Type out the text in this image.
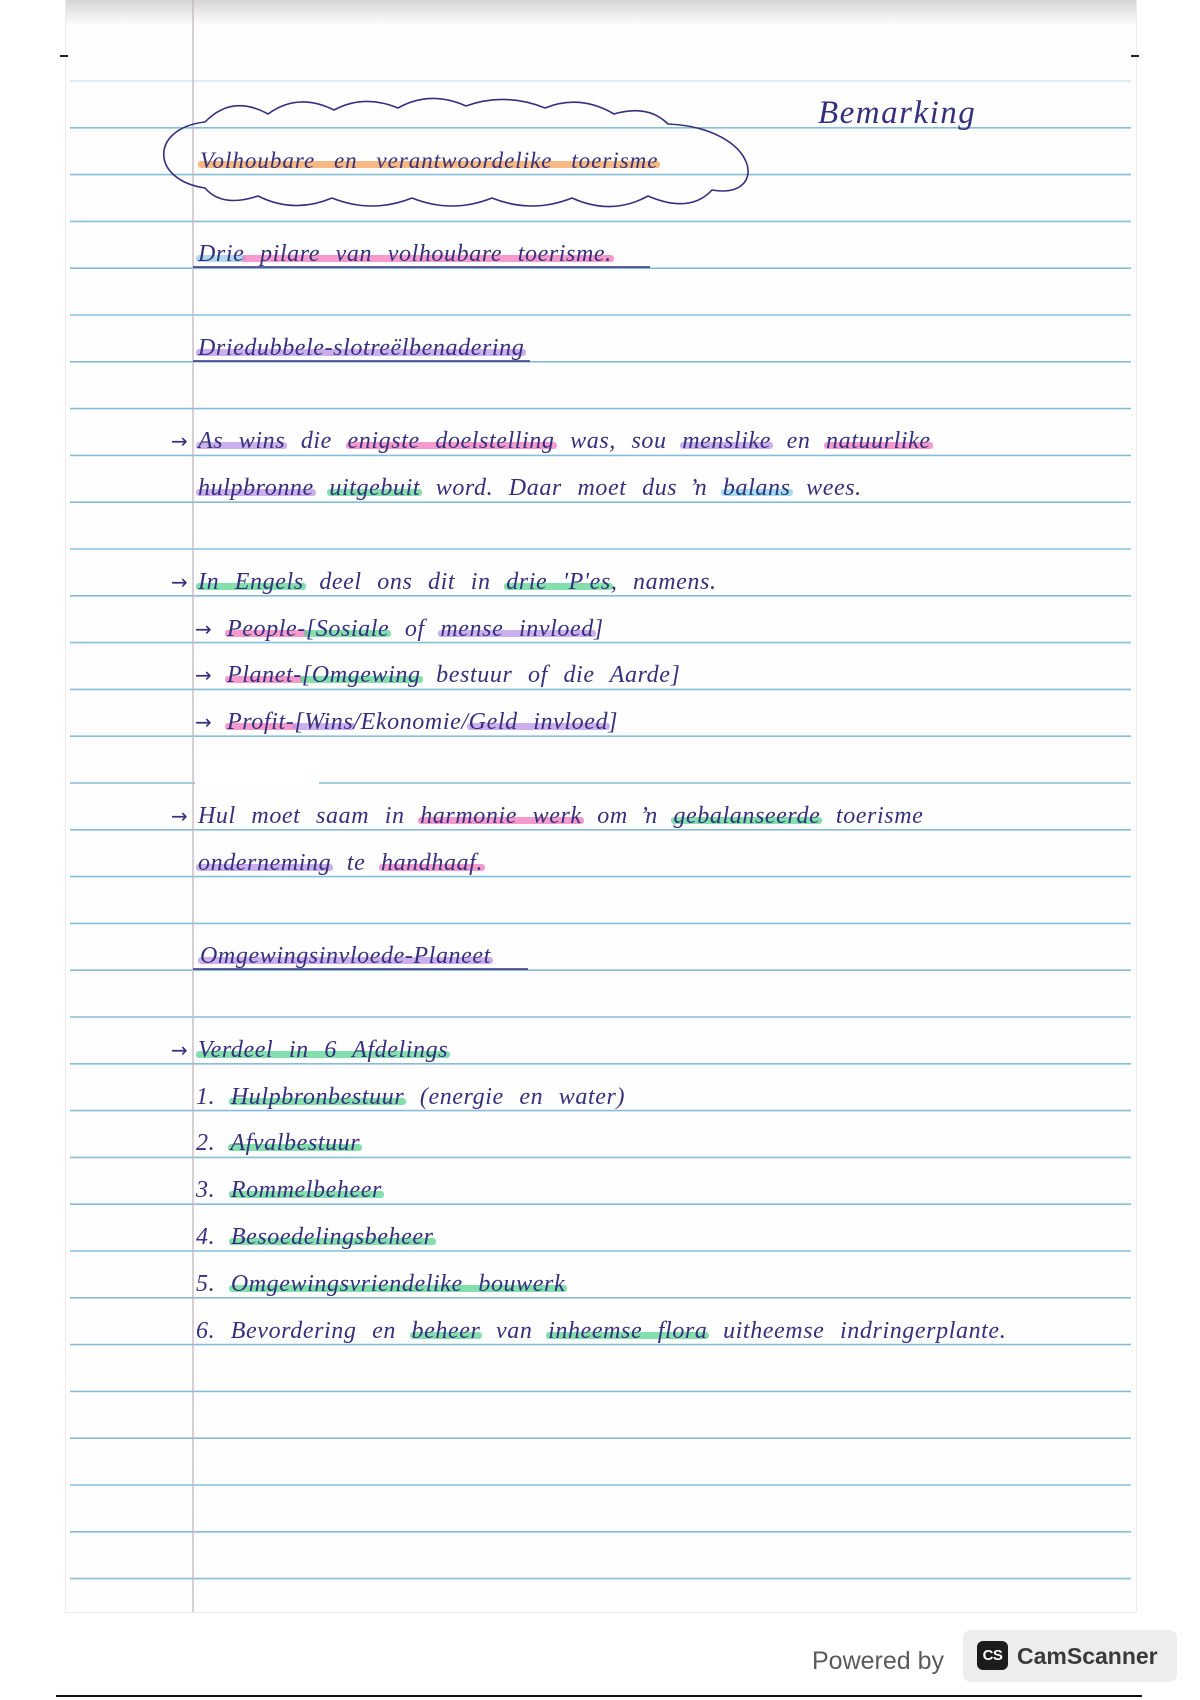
Bemarking
Volhoubare en verantwoordelike toerisme
Drie pilare van volhoubare toerisme.
Driedubbele-slotreëlbenadering
→ As wins die enigste doelstelling was, sou menslike en natuurlike
hulpbronne uitgebuit word. Daar moet dus ŉ balans wees.
→ In Engels deel ons dit in drie 'P'es, namens.
→ People-[Sosiale of mense invloed]
→ Planet-[Omgewing bestuur of die Aarde]
→ Profit-[Wins/Ekonomie/Geld invloed]
→ Hul moet saam in harmonie werk om ŉ gebalanseerde toerisme
onderneming te handhaaf.
Omgewingsinvloede-Planeet
→ Verdeel in 6 Afdelings
1. Hulpbronbestuur (energie en water)
2. Afvalbestuur
3. Rommelbeheer
4. Besoedelingsbeheer
5. Omgewingsvriendelike bouwerk
6. Bevordering en beheer van inheemse flora uitheemse indringerplante.
Powered by	CS CamScanner
